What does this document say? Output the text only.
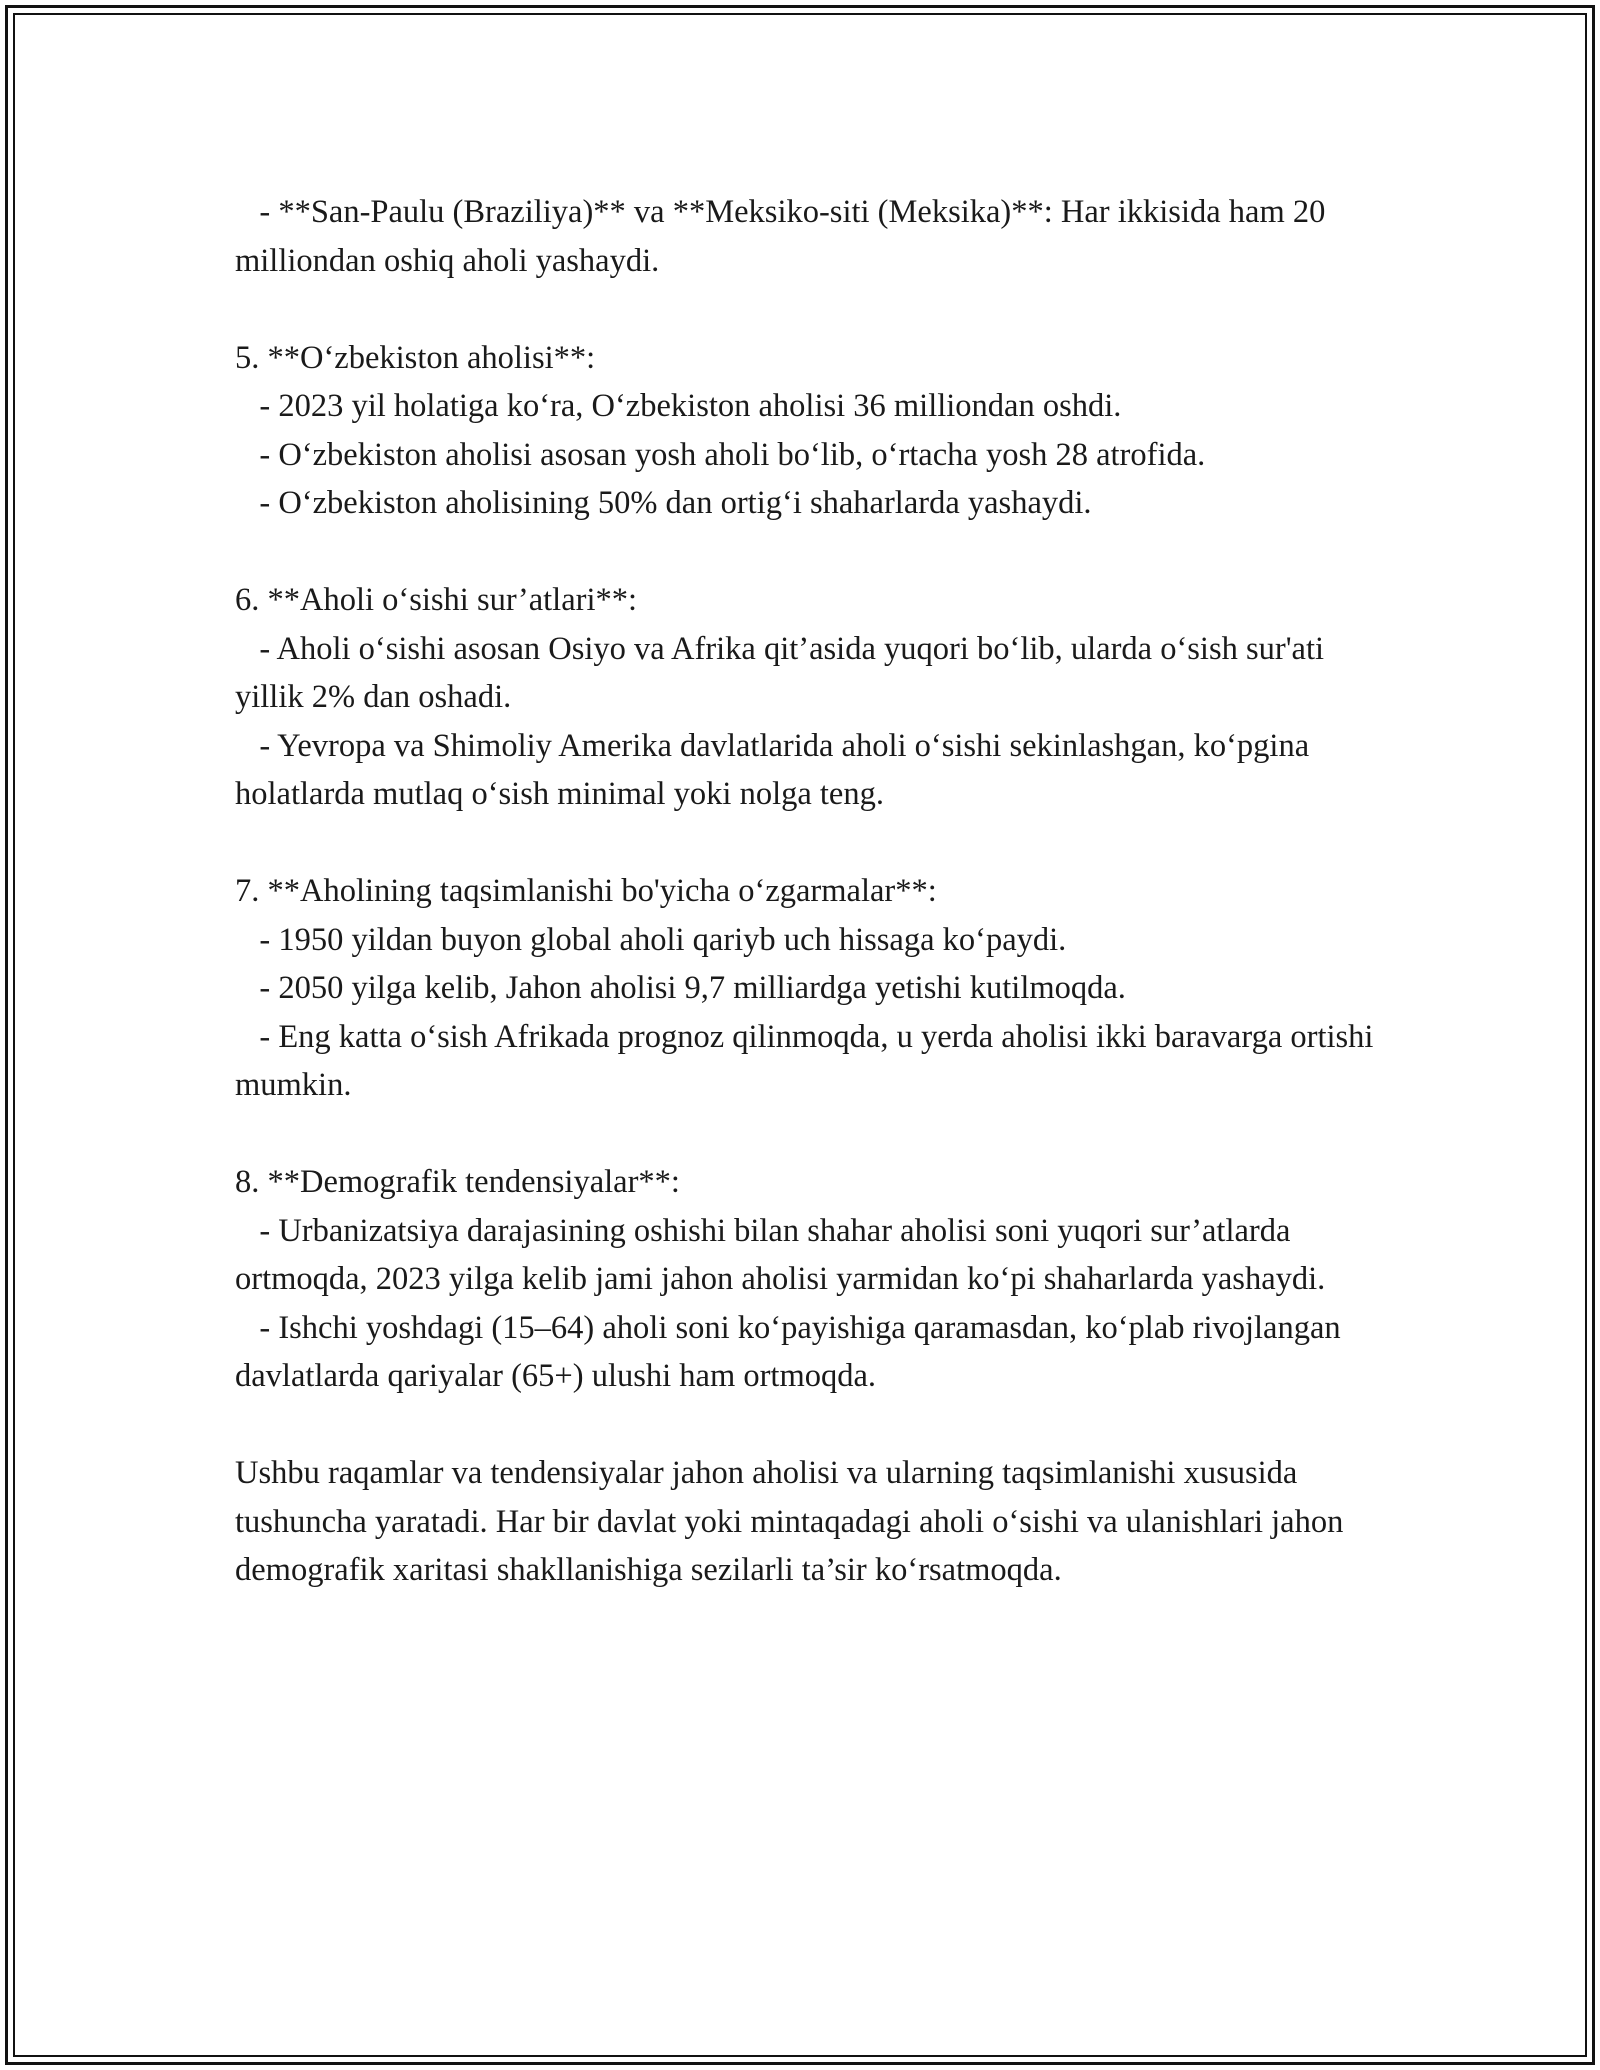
- **San-Paulu (Braziliya)** va **Meksiko-siti (Meksika)**: Har ikkisida ham 20 milliondan oshiq aholi yashaydi.

5. **O‘zbekiston aholisi**:

- 2023 yil holatiga ko‘ra, O‘zbekiston aholisi 36 milliondan oshdi.

- O‘zbekiston aholisi asosan yosh aholi bo‘lib, o‘rtacha yosh 28 atrofida.

- O‘zbekiston aholisining 50% dan ortig‘i shaharlarda yashaydi.

6. **Aholi o‘sishi sur’atlari**:

- Aholi o‘sishi asosan Osiyo va Afrika qit’asida yuqori bo‘lib, ularda o‘sish sur'ati yillik 2% dan oshadi.

- Yevropa va Shimoliy Amerika davlatlarida aholi o‘sishi sekinlashgan, ko‘pgina holatlarda mutlaq o‘sish minimal yoki nolga teng.

7. **Aholining taqsimlanishi bo'yicha o‘zgarmalar**:

- 1950 yildan buyon global aholi qariyb uch hissaga ko‘paydi.

- 2050 yilga kelib, Jahon aholisi 9,7 milliardga yetishi kutilmoqda.

- Eng katta o‘sish Afrikada prognoz qilinmoqda, u yerda aholisi ikki baravarga ortishi mumkin.

8. **Demografik tendensiyalar**:

- Urbanizatsiya darajasining oshishi bilan shahar aholisi soni yuqori sur’atlarda ortmoqda, 2023 yilga kelib jami jahon aholisi yarmidan ko‘pi shaharlarda yashaydi.

- Ishchi yoshdagi (15–64) aholi soni ko‘payishiga qaramasdan, ko‘plab rivojlangan davlatlarda qariyalar (65+) ulushi ham ortmoqda.

Ushbu raqamlar va tendensiyalar jahon aholisi va ularning taqsimlanishi xususida tushuncha yaratadi. Har bir davlat yoki mintaqadagi aholi o‘sishi va ulanishlari jahon demografik xaritasi shakllanishiga sezilarli ta’sir ko‘rsatmoqda.
